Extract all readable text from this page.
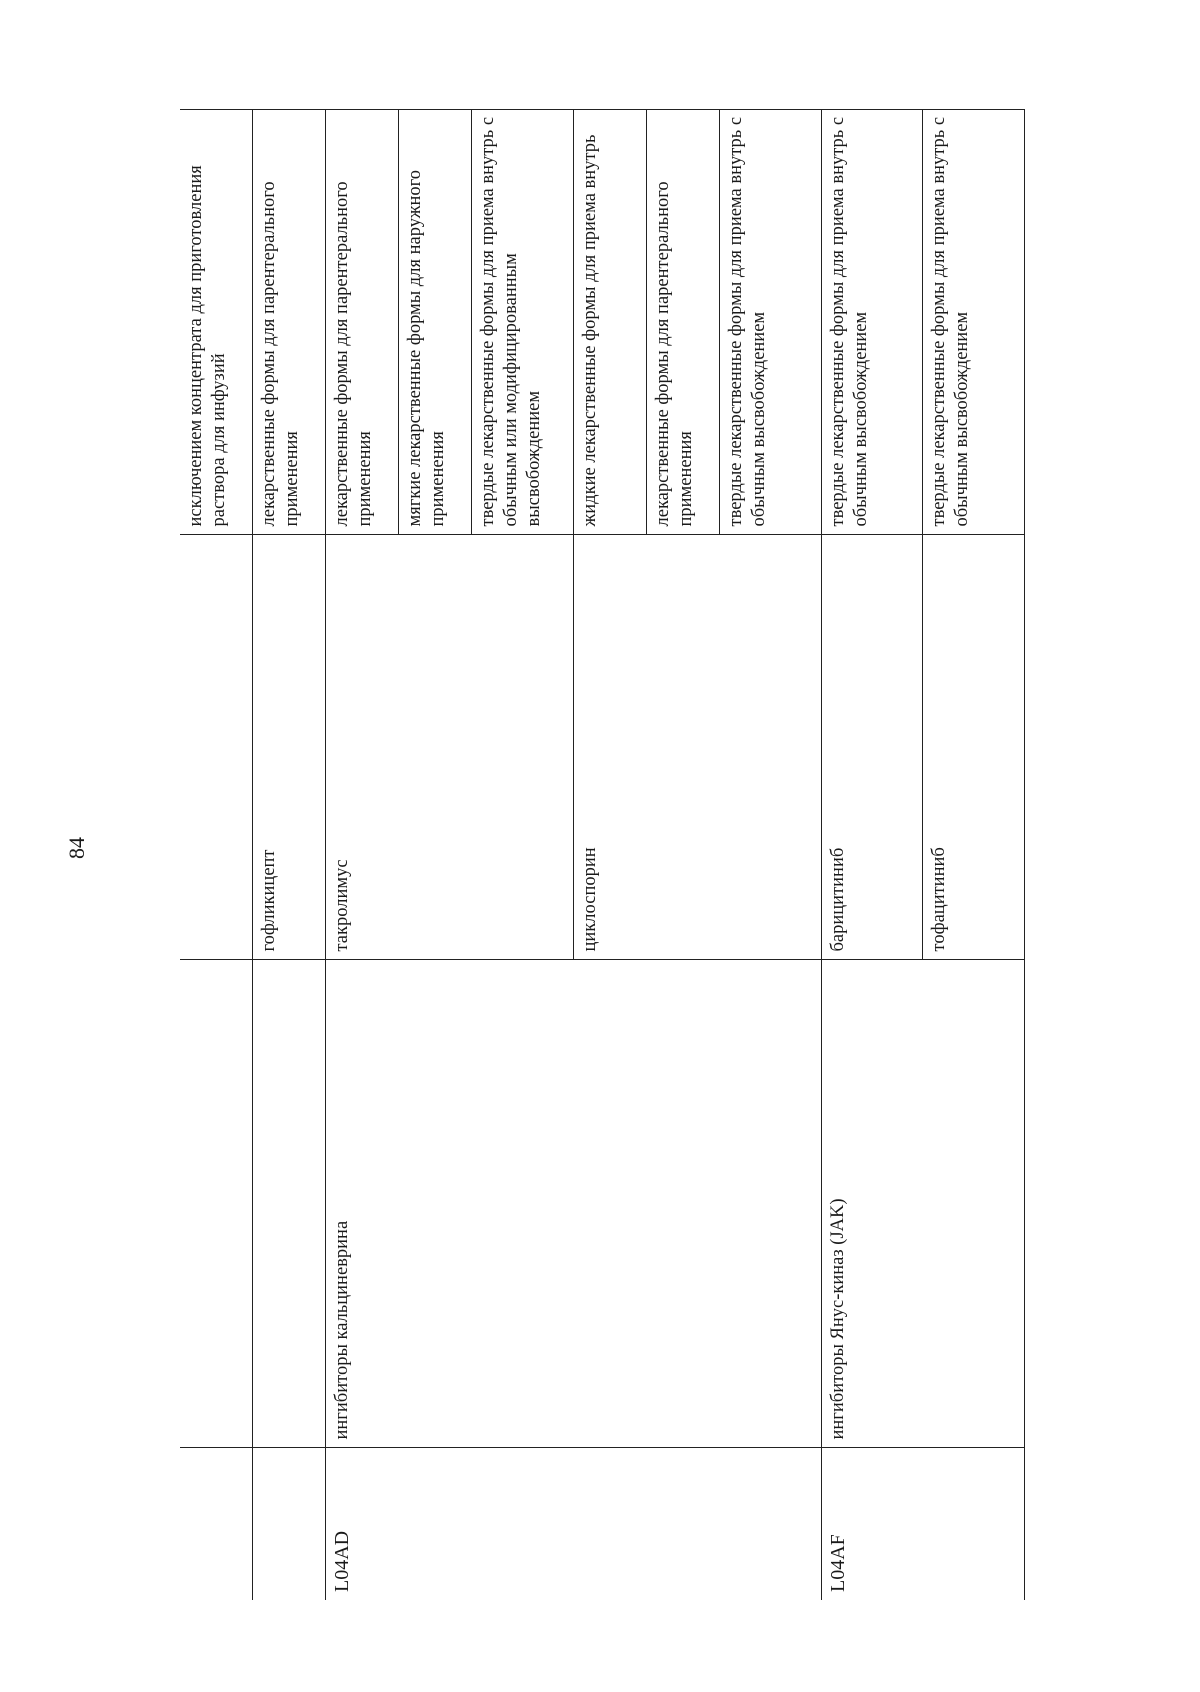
84
			исключением концентрата для приготовления раствора для инфузий
		гофликицепт	лекарственные формы для парентерального применения
L04AD	ингибиторы кальциневрина	такролимус	лекарственные формы для парентерального применения
			мягкие лекарственные формы для наружного применения
			твердые лекарственные формы для приема внутрь с обычным или модифицированным высвобождением
		циклоспорин	жидкие лекарственные формы для приема внутрь
			лекарственные формы для парентерального применения
			твердые лекарственные формы для приема внутрь с обычным высвобождением
L04AF	ингибиторы Янус-киназ (JAK)	барицитиниб	твердые лекарственные формы для приема внутрь с обычным высвобождением
		тофацитиниб	твердые лекарственные формы для приема внутрь с обычным высвобождением
